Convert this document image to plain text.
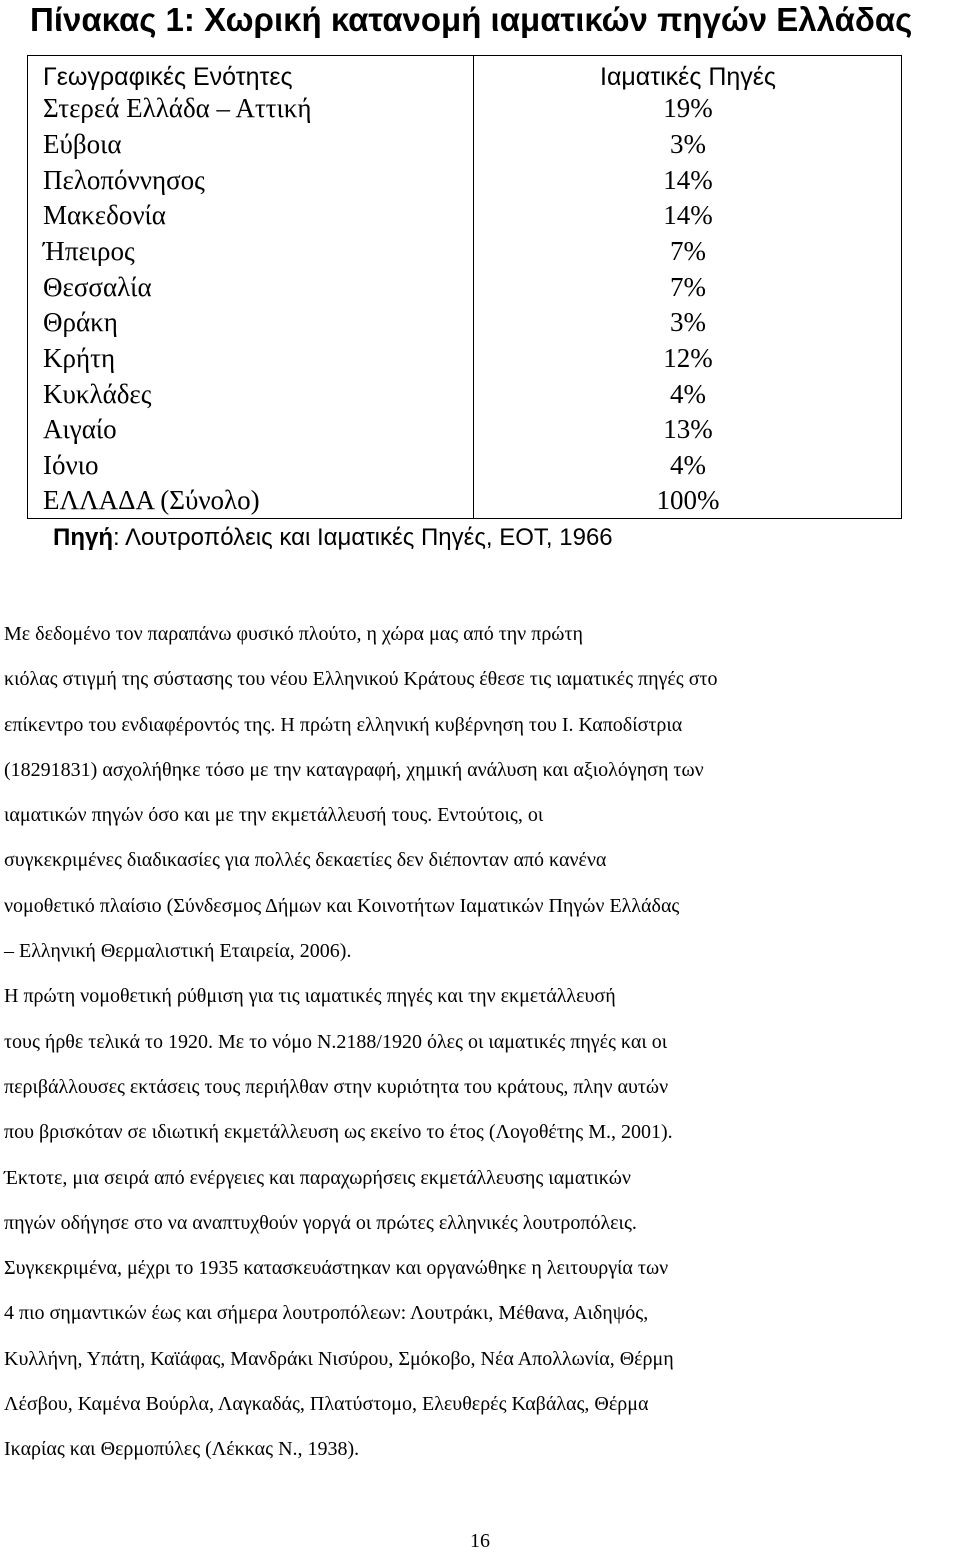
Πίνακας 1: Χωρική κατανομή ιαματικών πηγών Ελλάδας
Γεωγραφικές Ενότητες	Ιαματικές Πηγές
Στερεά Ελλάδα – Αττική	19%
Εύβοια	3%
Πελοπόννησος	14%
Μακεδονία	14%
Ήπειρος	7%
Θεσσαλία	7%
Θράκη	3%
Κρήτη	12%
Κυκλάδες	4%
Αιγαίο	13%
Ιόνιο	4%
ΕΛΛΑΔΑ (Σύνολο)	100%
Πηγή: Λουτροπόλεις και Ιαματικές Πηγές, ΕΟΤ, 1966

Με δεδομένο τον παραπάνω φυσικό πλούτο, η χώρα μας από την πρώτη

κιόλας στιγμή της σύστασης του νέου Ελληνικού Κράτους έθεσε τις ιαματικές πηγές στο

επίκεντρο του ενδιαφέροντός της. Η πρώτη ελληνική κυβέρνηση του Ι. Καποδίστρια

(18291831) ασχολήθηκε τόσο με την καταγραφή, χημική ανάλυση και αξιολόγηση των

ιαματικών πηγών όσο και με την εκμετάλλευσή τους. Εντούτοις, οι

συγκεκριμένες διαδικασίες για πολλές δεκαετίες δεν διέπονταν από κανένα

νομοθετικό πλαίσιο (Σύνδεσμος Δήμων και Κοινοτήτων Ιαματικών Πηγών Ελλάδας

– Ελληνική Θερμαλιστική Εταιρεία, 2006).

Η πρώτη νομοθετική ρύθμιση για τις ιαματικές πηγές και την εκμετάλλευσή

τους ήρθε τελικά το 1920. Με το νόμο Ν.2188/1920 όλες οι ιαματικές πηγές και οι

περιβάλλουσες εκτάσεις τους περιήλθαν στην κυριότητα του κράτους, πλην αυτών

που βρισκόταν σε ιδιωτική εκμετάλλευση ως εκείνο το έτος (Λογοθέτης Μ., 2001).

Έκτοτε, μια σειρά από ενέργειες και παραχωρήσεις εκμετάλλευσης ιαματικών

πηγών οδήγησε στο να αναπτυχθούν γοργά οι πρώτες ελληνικές λουτροπόλεις.

Συγκεκριμένα, μέχρι το 1935 κατασκευάστηκαν και οργανώθηκε η λειτουργία των

4 πιο σημαντικών έως και σήμερα λουτροπόλεων: Λουτράκι, Μέθανα, Αιδηψός,

Κυλλήνη, Υπάτη, Καϊάφας, Μανδράκι Νισύρου, Σμόκοβο, Νέα Απολλωνία, Θέρμη

Λέσβου, Καμένα Βούρλα, Λαγκαδάς, Πλατύστομο, Ελευθερές Καβάλας, Θέρμα

Ικαρίας και Θερμοπύλες (Λέκκας Ν., 1938).

16
